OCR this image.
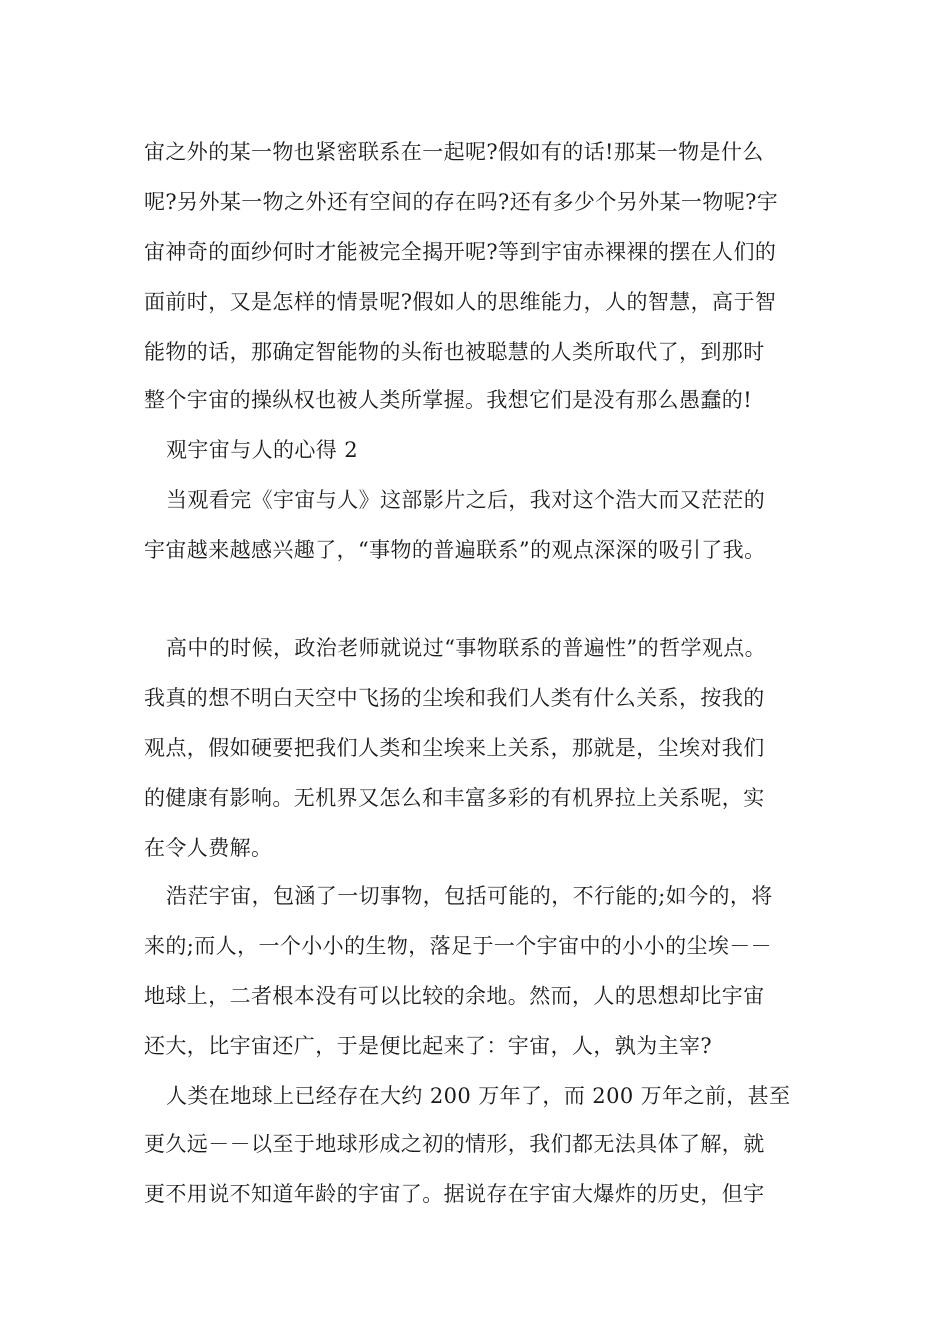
宙之外的某一物也紧密联系在一起呢?假如有的话!那某一物是什么
呢?另外某一物之外还有空间的存在吗?还有多少个另外某一物呢?宇
宙神奇的面纱何时才能被完全揭开呢?等到宇宙赤裸裸的摆在人们的
面前时，又是怎样的情景呢?假如人的思维能力，人的智慧，高于智
能物的话，那确定智能物的头衔也被聪慧的人类所取代了，到那时
整个宇宙的操纵权也被人类所掌握。我想它们是没有那么愚蠢的!
观宇宙与人的心得 2
当观看完《宇宙与人》这部影片之后，我对这个浩大而又茫茫的
宇宙越来越感兴趣了，“事物的普遍联系”的观点深深的吸引了我。
高中的时候，政治老师就说过“事物联系的普遍性”的哲学观点。
我真的想不明白天空中飞扬的尘埃和我们人类有什么关系，按我的
观点，假如硬要把我们人类和尘埃来上关系，那就是，尘埃对我们
的健康有影响。无机界又怎么和丰富多彩的有机界拉上关系呢，实
在令人费解。
浩茫宇宙，包涵了一切事物，包括可能的，不行能的;如今的，将
来的;而人，一个小小的生物，落足于一个宇宙中的小小的尘埃－－
地球上，二者根本没有可以比较的余地。然而，人的思想却比宇宙
还大，比宇宙还广，于是便比起来了：宇宙，人，孰为主宰?
人类在地球上已经存在大约 200 万年了，而 200 万年之前，甚至
更久远－－以至于地球形成之初的情形，我们都无法具体了解，就
更不用说不知道年龄的宇宙了。据说存在宇宙大爆炸的历史，但宇
